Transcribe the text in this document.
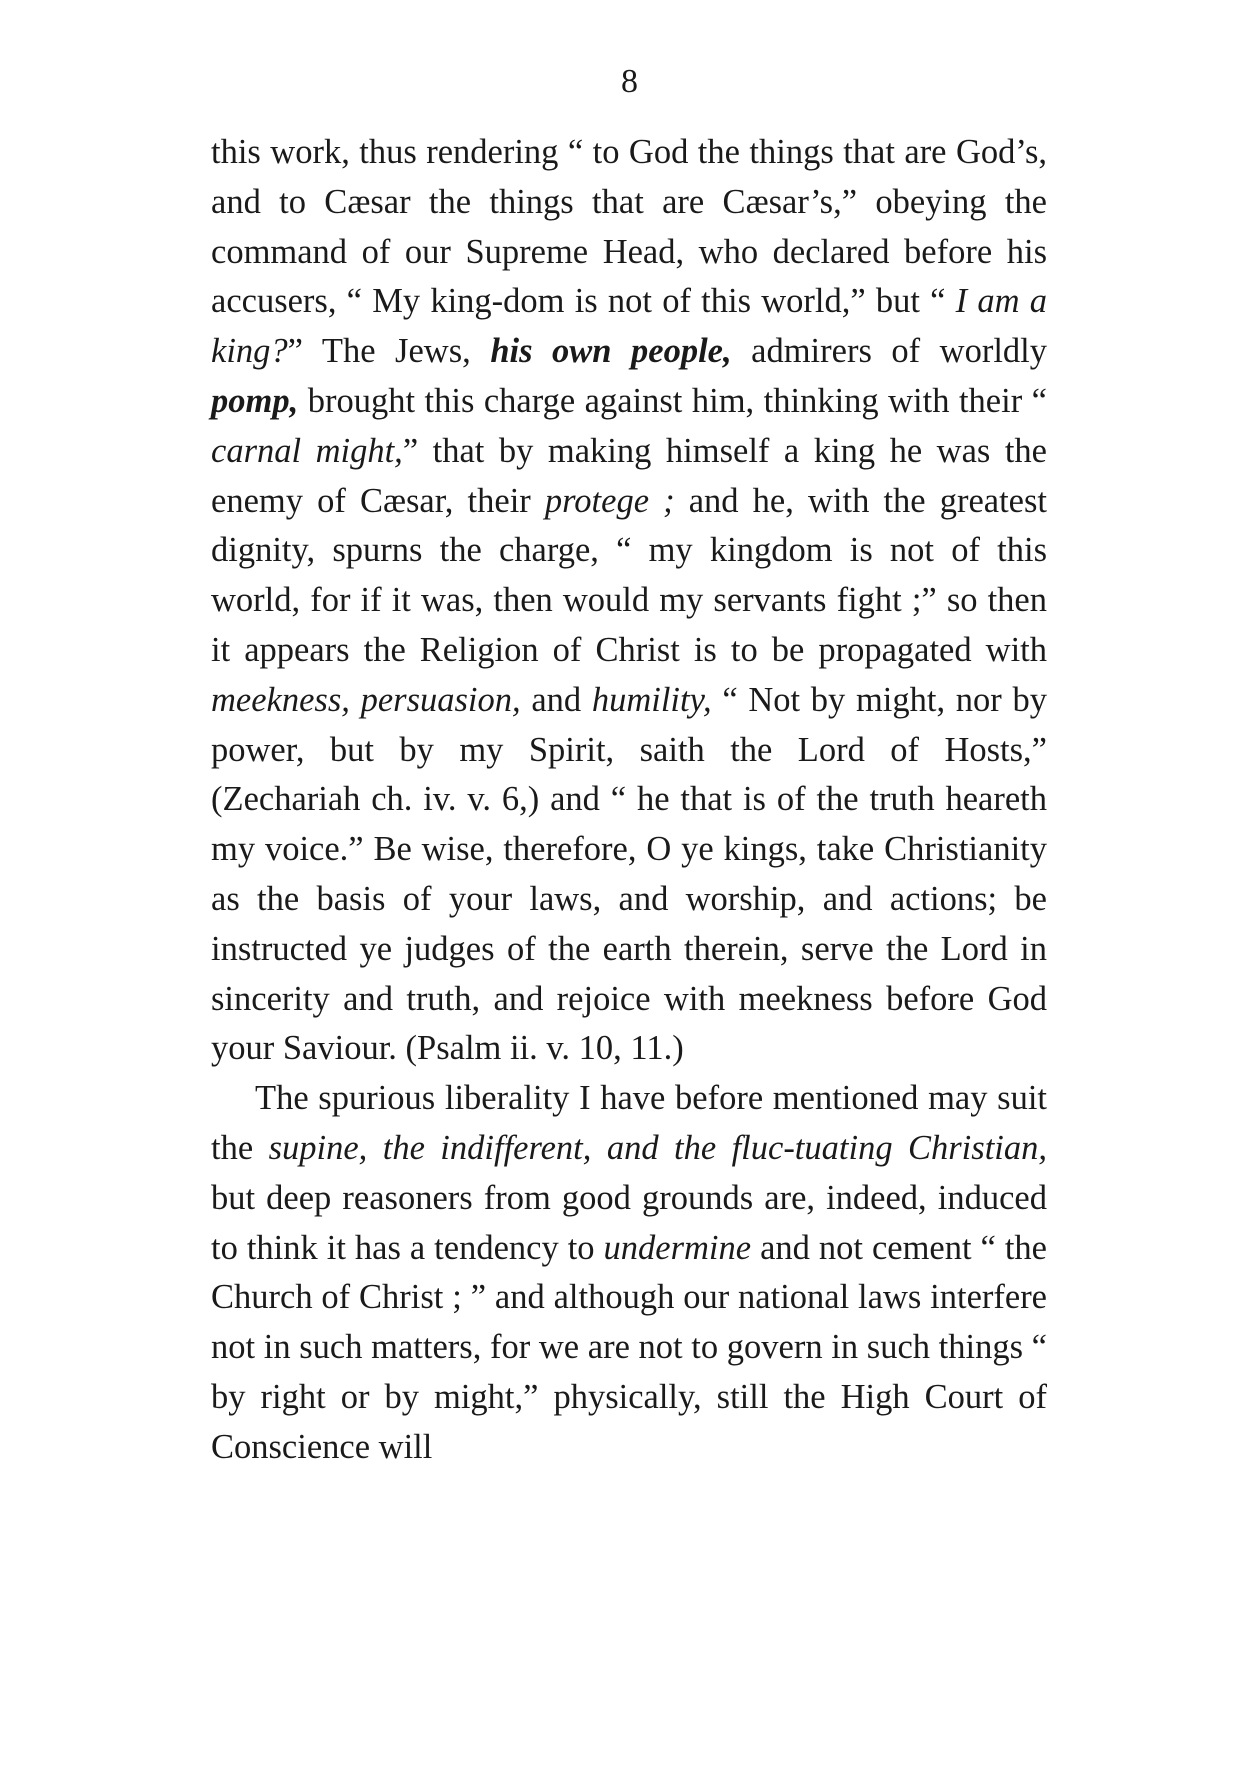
8

this work, thus rendering “ to God the things that are God’s, and to Cæsar the things that are Cæsar’s,” obeying the command of our Supreme Head, who declared before his accusers, “ My king-dom is not of this world,” but “ I am a king?” The Jews, his own people, admirers of worldly pomp, brought this charge against him, thinking with their “ carnal might,” that by making himself a king he was the enemy of Cæsar, their protege ; and he, with the greatest dignity, spurns the charge, “ my kingdom is not of this world, for if it was, then would my servants fight ;” so then it appears the Religion of Christ is to be propagated with meekness, persuasion, and humility, “ Not by might, nor by power, but by my Spirit, saith the Lord of Hosts,” (Zechariah ch. iv. v. 6,) and “ he that is of the truth heareth my voice.” Be wise, therefore, O ye kings, take Christianity as the basis of your laws, and worship, and actions; be instructed ye judges of the earth therein, serve the Lord in sincerity and truth, and rejoice with meekness before God your Saviour. (Psalm ii. v. 10, 11.)

The spurious liberality I have before mentioned may suit the supine, the indifferent, and the fluc-tuating Christian, but deep reasoners from good grounds are, indeed, induced to think it has a tendency to undermine and not cement “ the Church of Christ ; ” and although our national laws interfere not in such matters, for we are not to govern in such things “ by right or by might,” physically, still the High Court of Conscience will
